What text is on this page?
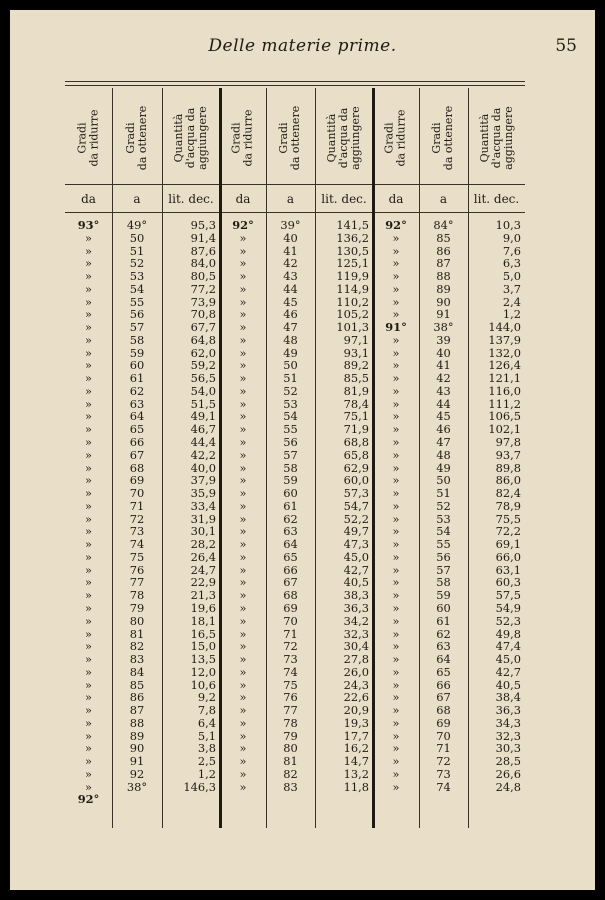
Delle materie prime.	55
Gradi
da ridurre
da
93°
»
»
»
»
»
»
»
»
»
»
»
»
»
»
»
»
»
»
»
»
»
»
»
»
»
»
»
»
»
»
»
»
»
»
»
»
»
»
»
»
»
»
»
»
92°
Gradi
da ottenere
a
49°
50
51
52
53
54
55
56
57
58
59
60
61
62
63
64
65
66
67
68
69
70
71
72
73
74
75
76
77
78
79
80
81
82
83
84
85
86
87
88
89
90
91
92
38°
Quantità
d'acqua da
aggiungere
lit. dec.
95,3
91,4
87,6
84,0
80,5
77,2
73,9
70,8
67,7
64,8
62,0
59,2
56,5
54,0
51,5
49,1
46,7
44,4
42,2
40,0
37,9
35,9
33,4
31,9
30,1
28,2
26,4
24,7
22,9
21,3
19,6
18,1
16,5
15,0
13,5
12,0
10,6
9,2
7,8
6,4
5,1
3,8
2,5
1,2
146,3
Gradi
da ridurre
da
92°
»
»
»
»
»
»
»
»
»
»
»
»
»
»
»
»
»
»
»
»
»
»
»
»
»
»
»
»
»
»
»
»
»
»
»
»
»
»
»
»
»
»
»
»
Gradi
da ottenere
a
39°
40
41
42
43
44
45
46
47
48
49
50
51
52
53
54
55
56
57
58
59
60
61
62
63
64
65
66
67
68
69
70
71
72
73
74
75
76
77
78
79
80
81
82
83
Quantità
d'acqua da
aggiungere
lit. dec.
141,5
136,2
130,5
125,1
119,9
114,9
110,2
105,2
101,3
97,1
93,1
89,2
85,5
81,9
78,4
75,1
71,9
68,8
65,8
62,9
60,0
57,3
54,7
52,2
49,7
47,3
45,0
42,7
40,5
38,3
36,3
34,2
32,3
30,4
27,8
26,0
24,3
22,6
20,9
19,3
17,7
16,2
14,7
13,2
11,8
Gradi
da ridurre
da
92°
»
»
»
»
»
»
»
91°
»
»
»
»
»
»
»
»
»
»
»
»
»
»
»
»
»
»
»
»
»
»
»
»
»
»
»
»
»
»
»
»
»
»
»
»
Gradi
da ottenere
a
84°
85
86
87
88
89
90
91
38°
39
40
41
42
43
44
45
46
47
48
49
50
51
52
53
54
55
56
57
58
59
60
61
62
63
64
65
66
67
68
69
70
71
72
73
74
Quantità
d'acqua da
aggiungere
lit. dec.
10,3
9,0
7,6
6,3
5,0
3,7
2,4
1,2
144,0
137,9
132,0
126,4
121,1
116,0
111,2
106,5
102,1
97,8
93,7
89,8
86,0
82,4
78,9
75,5
72,2
69,1
66,0
63,1
60,3
57,5
54,9
52,3
49,8
47,4
45,0
42,7
40,5
38,4
36,3
34,3
32,3
30,3
28,5
26,6
24,8
